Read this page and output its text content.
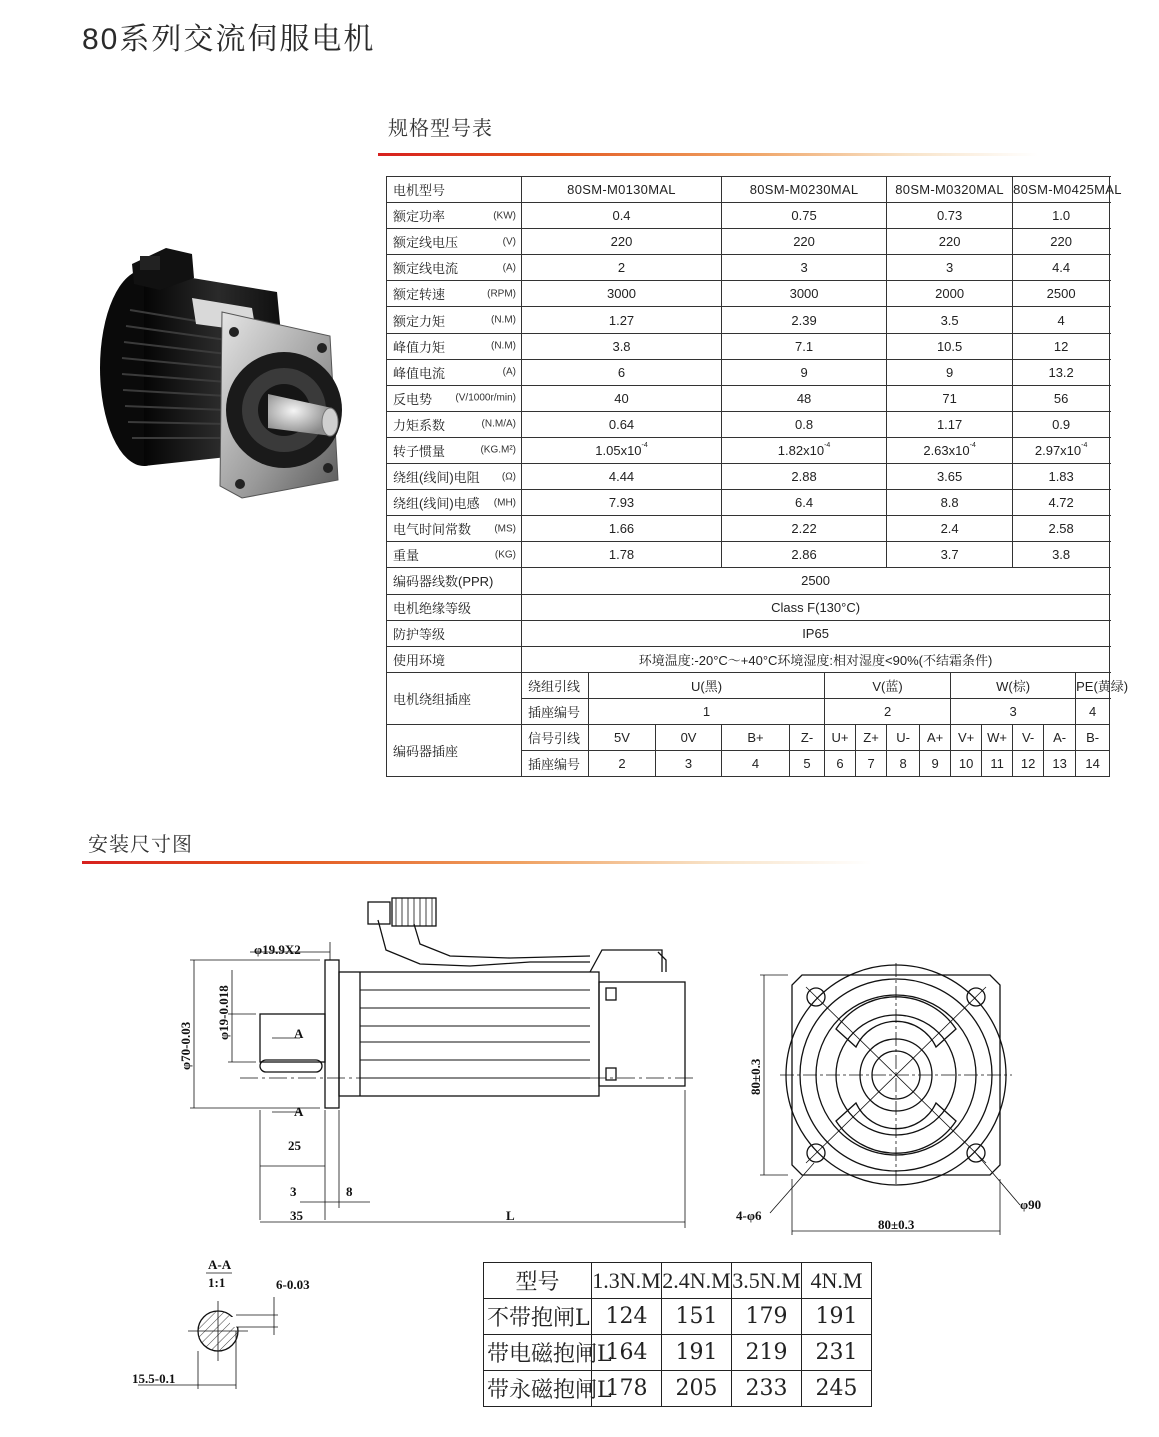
80系列交流伺服电机
规格型号表
电机型号	80SM-M0130MAL			80SM-M0230MAL				80SM-M0320MAL				80SM-M0425MAL			
额定功率 (KW)	0.4			0.75				0.73				1.0			
额定线电压 (V)	220			220				220				220			
额定线电流 (A)	2			3				3				4.4			
额定转速 (RPM)	3000			3000				2000				2500			
额定力矩 (N.M)	1.27			2.39				3.5				4			
峰值力矩 (N.M)	3.8			7.1				10.5				12			
峰值电流 (A)	6			9				9				13.2			
反电势 (V/1000r/min)	40			48				71				56			
力矩系数 (N.M/A)	0.64			0.8				1.17				0.9			
转子惯量 (KG.M²)	$1.05x10^{-4}$			$1.82x10^{-4}$				$2.63x10^{-4}$				$2.97x10^{-4}$
绕组(线间)电阻 (Ω)	4.44			2.88				3.65				1.83			
绕组(线间)电感 (MH)	7.93			6.4				8.8				4.72			
电气时间常数 (MS)	1.66			2.22				2.4				2.58			
重量 (KG)	1.78			2.86				3.7				3.8			
编码器线数(PPR)	2500														
电机绝缘等级	Class F(130°C)														
防护等级	IP65														
使用环境	环境温度:-20°C～+40°C环境湿度:相对湿度<90%(不结霜条件)														
电机绕组插座	绕组引线	U(黑)				V(蓝)				W(棕)				PE(黄绿)	
	插座编号	1				2				3				4	
编码器插座	信号引线	5V	0V	B+	Z-	U+	Z+	U-	A+	V+	W+	V-	A-	B-		
	插座编号	2	3	4	5	6	7	8	9	10	11	12	13	14		
安装尺寸图
φ19.9X2
φ19-0.018
φ70-0.03	A
A
25
3	8
35	L
80±0.3
80±0.3
4-φ6
φ90
A-A
1:1	6-0.03
15.5-0.1
型号	1.3N.M	2.4N.M	3.5N.M	4N.M
不带抱闸L	124	151	179	191
带电磁抱闸L	164	191	219	231
带永磁抱闸L	178	205	233	245
